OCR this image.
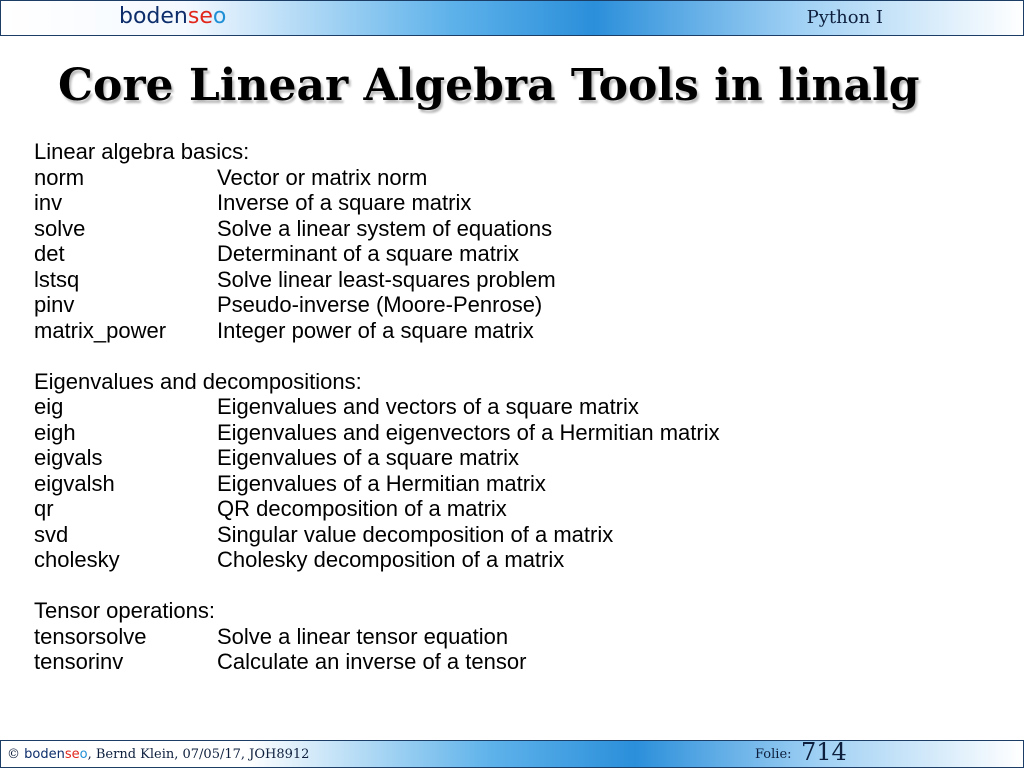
bodenseo	Python I
Core Linear Algebra Tools in linalg
Linear algebra basics:
norm	Vector or matrix norm
inv	Inverse of a square matrix
solve	Solve a linear system of equations
det	Determinant of a square matrix
lstsq	Solve linear least-squares problem
pinv	Pseudo-inverse (Moore-Penrose)
matrix_power	Integer power of a square matrix
Eigenvalues and decompositions:
eig	Eigenvalues and vectors of a square matrix
eigh	Eigenvalues and eigenvectors of a Hermitian matrix
eigvals	Eigenvalues of a square matrix
eigvalsh	Eigenvalues of a Hermitian matrix
qr	QR decomposition of a matrix
svd	Singular value decomposition of a matrix
cholesky	Cholesky decomposition of a matrix
Tensor operations:
tensorsolve	Solve a linear tensor equation
tensorinv	Calculate an inverse of a tensor
© bodenseo, Bernd Klein, 07/05/17, JOH8912	Folie: 714
